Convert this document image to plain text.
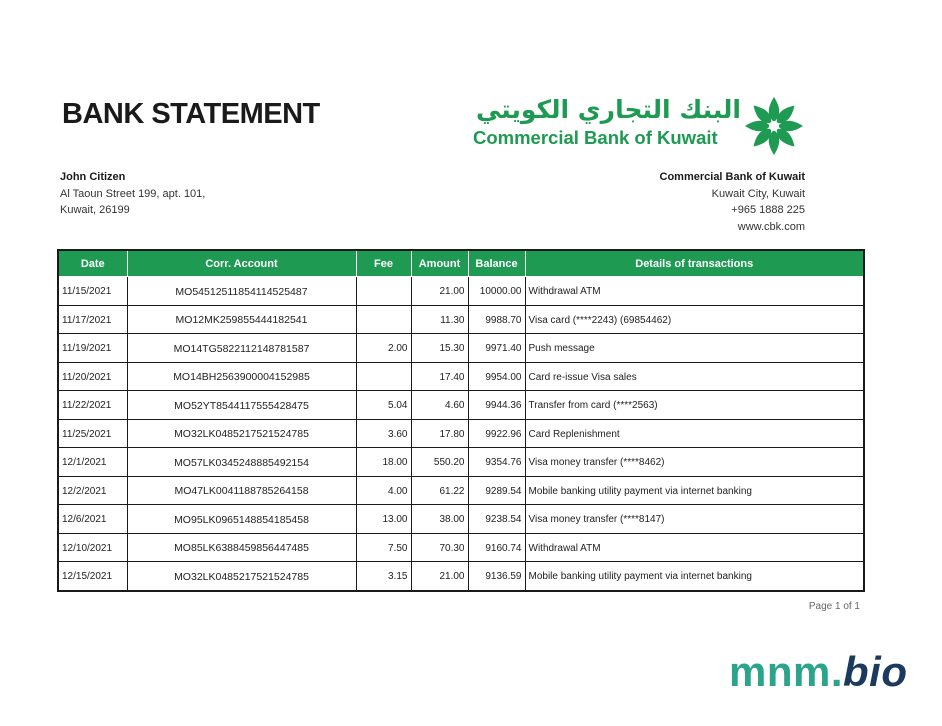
BANK STATEMENT	البنك التجاري الكويتي
Commercial Bank of Kuwait
John Citizen
Al Taoun Street 199, apt. 101,
Kuwait, 26199
Commercial Bank of Kuwait
Kuwait City, Kuwait
+965 1888 225
www.cbk.com
Date	Corr. Account	Fee	Amount	Balance	Details of transactions
11/15/2021	MO54512511854114525487		21.00	10000.00	Withdrawal ATM
11/17/2021	MO12MK259855444182541		11.30	9988.70	Visa card (****2243) (69854462)
11/19/2021	MO14TG5822112148781587	2.00	15.30	9971.40	Push message
11/20/2021	MO14BH2563900004152985		17.40	9954.00	Card re-issue Visa sales
11/22/2021	MO52YT8544117555428475	5.04	4.60	9944.36	Transfer from card (****2563)
11/25/2021	MO32LK0485217521524785	3.60	17.80	9922.96	Card Replenishment
12/1/2021	MO57LK0345248885492154	18.00	550.20	9354.76	Visa money transfer (****8462)
12/2/2021	MO47LK0041188785264158	4.00	61.22	9289.54	Mobile banking utility payment via internet banking
12/6/2021	MO95LK0965148854185458	13.00	38.00	9238.54	Visa money transfer (****8147)
12/10/2021	MO85LK6388459856447485	7.50	70.30	9160.74	Withdrawal ATM
12/15/2021	MO32LK0485217521524785	3.15	21.00	9136.59	Mobile banking utility payment via internet banking
Page 1 of 1
mnm.bio
